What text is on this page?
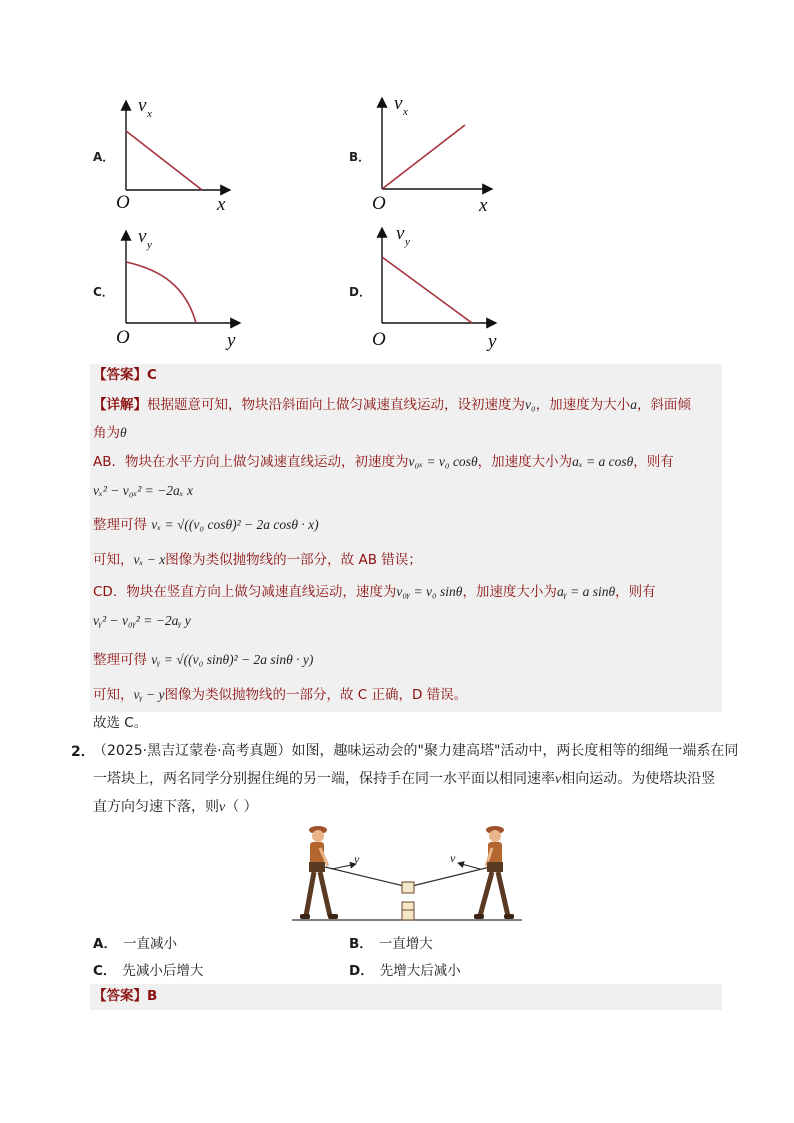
A．
v x
O	x
B．
v x
O	x
C．
v y
O	y
D．
v y
O	y
【答案】C
【详解】根据题意可知，物块沿斜面向上做匀减速直线运动，设初速度为v₀，加速度为大小a，斜面倾
角为θ
AB．物块在水平方向上做匀减速直线运动，初速度为v₀ₓ = v₀ cosθ，加速度大小为aₓ = a cosθ，则有
vₓ² − v₀ₓ² = −2aₓ x
整理可得 vₓ = √((v₀ cosθ)² − 2a cosθ · x)
可知，vₓ − x图像为类似抛物线的一部分，故 AB 错误；
CD．物块在竖直方向上做匀减速直线运动，速度为v₀ᵧ = v₀ sinθ，加速度大小为aᵧ = a sinθ，则有
vᵧ² − v₀ᵧ² = −2aᵧ y
整理可得 vᵧ = √((v₀ sinθ)² − 2a sinθ · y)
可知，vᵧ − y图像为类似抛物线的一部分，故 C 正确，D 错误。
故选 C。
2．
（2025·黑吉辽蒙卷·高考真题）如图，趣味运动会的"聚力建高塔"活动中，两长度相等的细绳一端系在同
一塔块上，两名同学分别握住绳的另一端，保持手在同一水平面以相同速率v相向运动。为使塔块沿竖
直方向匀速下落，则v（ ）
v	v
A． 一直减小	B． 一直增大
C． 先减小后增大	D． 先增大后减小
【答案】B
